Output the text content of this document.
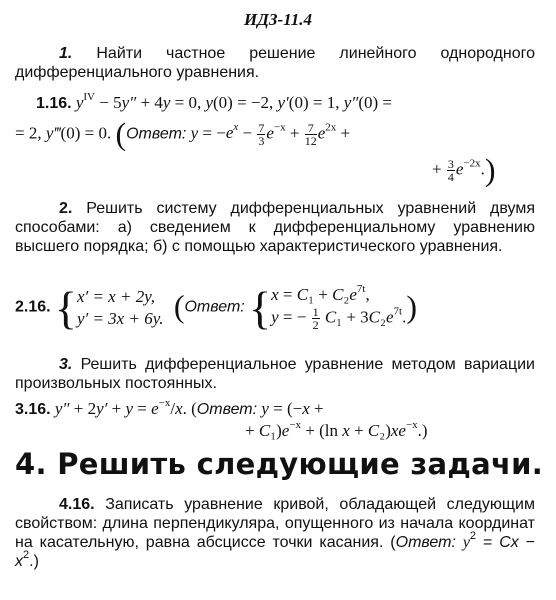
ИДЗ-11.4
1. Найти частное решение линейного однородного дифференциального уравнения.
1.16. $y^{IV} - 5y'' + 4y = 0$, y(0) = −2, y′(0) = 1, y″(0) =
= 2, y‴(0) = 0. (Ответ: $y = -e^x - \frac{7}{3} e^{-x} + \frac{7}{12} e^{2x}$ +
+ $\frac{3}{4} e^{-2x}$.)
2. Решить систему дифференциальных уравнений двумя способами: а) сведением к дифференциальному уравнению высшего порядка; б) с помощью характеристического уравнения.
2.16. { x′ = x + 2y,
y′ = 3x + 6y. (Ответ: { $x = C_1 + C_2e^{7t}$,
y = − $\frac{1}{2} C_1 + 3C_2e^{7t}$. )
3. Решить дифференциальное уравнение методом вариации произвольных постоянных.
3.16. $y'' + 2y' + y = e^{-x}/x$. (Ответ: y = (−x +
+ $C_1)e^{-x} + (\ln$ $x + C_2)xe^{-x}$.)
4. Решить следующие задачи.
4.16. Записать уравнение кривой, обладающей следующим свойством: длина перпендикуляра, опущенного из начала координат на касательную, равна абсциссе точки касания. (Ответ: $y^2 = Cx - x^2$.)
